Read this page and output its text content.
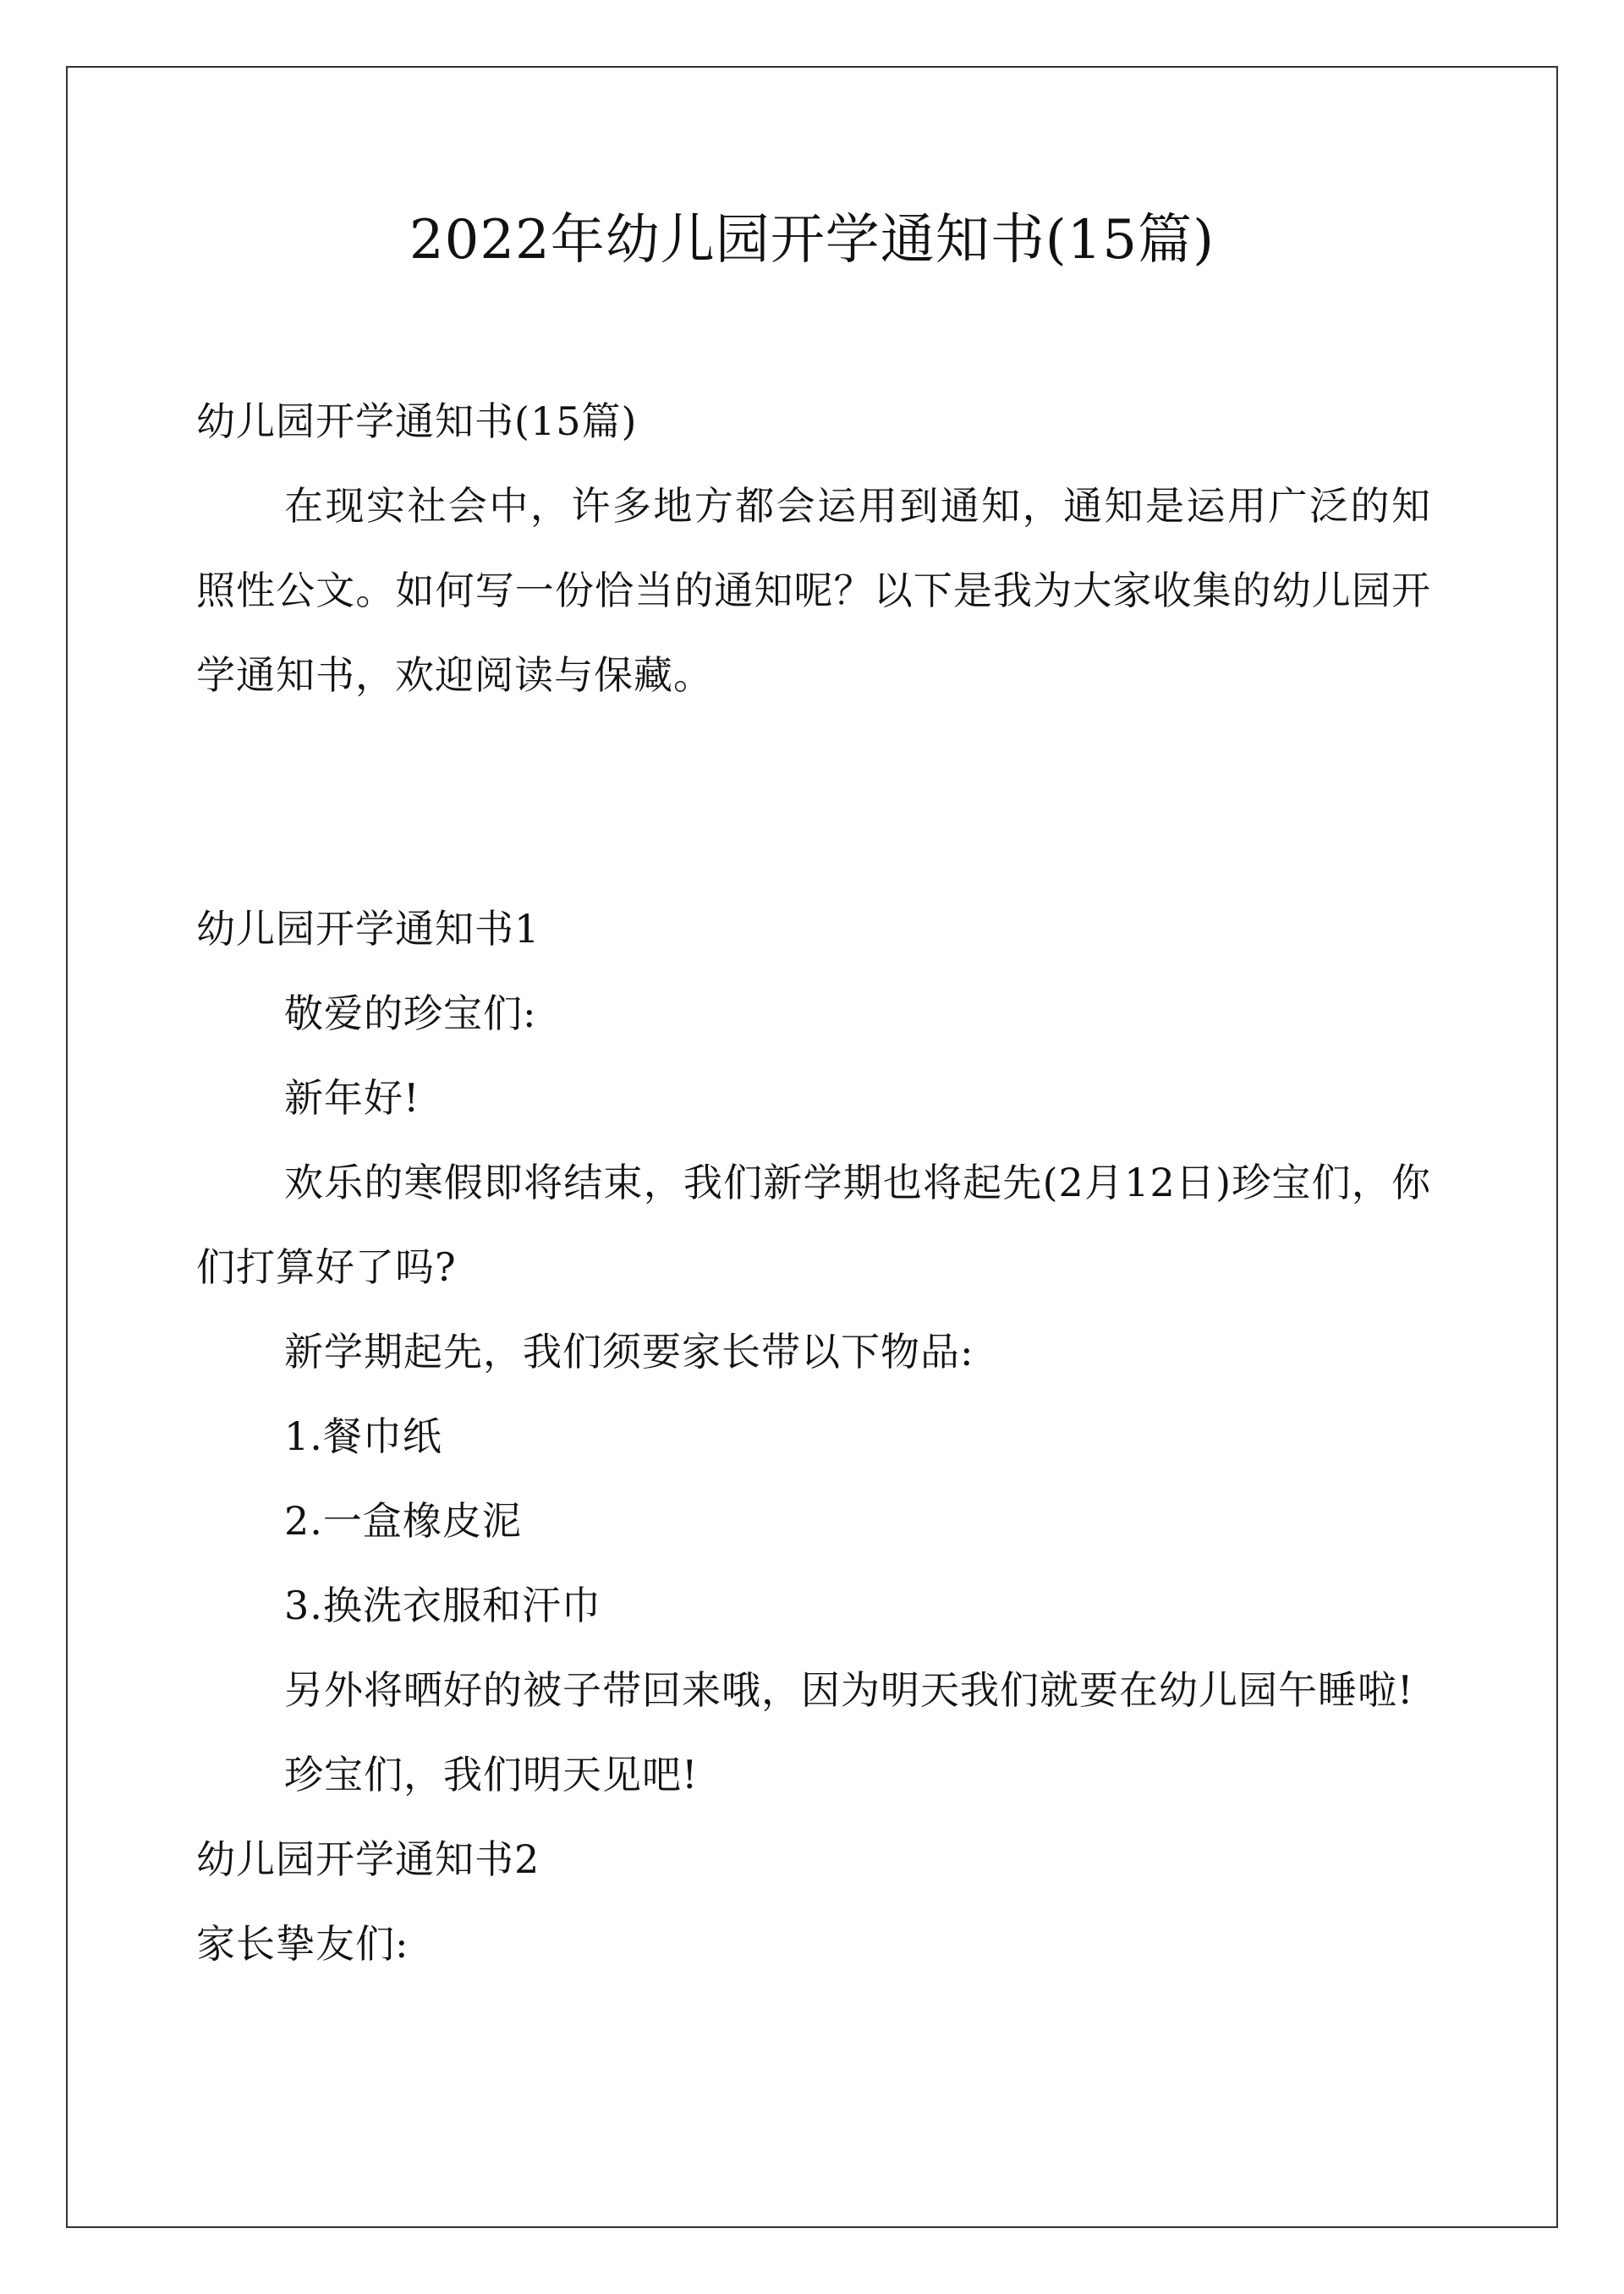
2022年幼儿园开学通知书(15篇)

幼儿园开学通知书(15篇)

在现实社会中，许多地方都会运用到通知，通知是运用广泛的知照性公文。如何写一份恰当的通知呢？以下是我为大家收集的幼儿园开学通知书，欢迎阅读与保藏。

幼儿园开学通知书1

敬爱的珍宝们:

新年好!

欢乐的寒假即将结束，我们新学期也将起先(2月12日)珍宝们，你们打算好了吗?

新学期起先，我们须要家长带以下物品:

1.餐巾纸

2.一盒橡皮泥

3.换洗衣服和汗巾

另外将晒好的被子带回来哦，因为明天我们就要在幼儿园午睡啦!

珍宝们，我们明天见吧!

幼儿园开学通知书2

家长挚友们:
